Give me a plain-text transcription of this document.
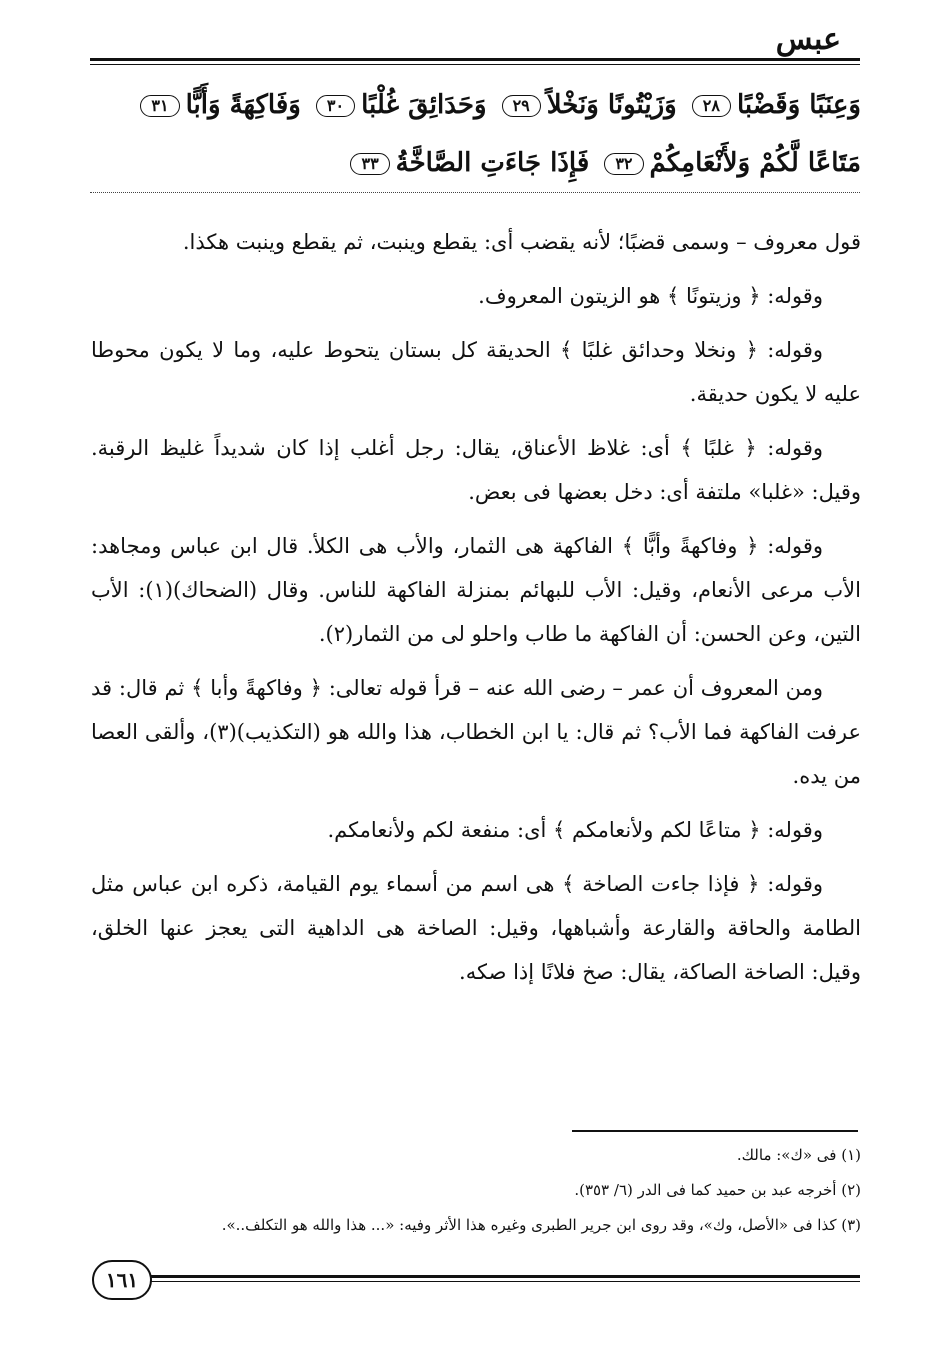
عبس
وَعِنَبًا وَقَضْبًا٢٨ وَزَيْتُونًا وَنَخْلاً٢٩ وَحَدَائِقَ غُلْبًا٣٠ وَفَاكِهَةً وَأَبًّا٣١
مَتَاعًا لَّكُمْ وَلأَنْعَامِكُمْ٣٢ فَإِذَا جَاءَتِ الصَّاخَّةُ٣٣

قول معروف – وسمى قضبًا؛ لأنه يقضب أى: يقطع وينبت، ثم يقطع وينبت هكذا.

وقوله: ﴿ وزيتونًا ﴾ هو الزيتون المعروف.

وقوله: ﴿ ونخلا وحدائق غلبًا ﴾ الحديقة كل بستان يتحوط عليه، وما لا يكون محوطا عليه لا يكون حديقة.

وقوله: ﴿ غلبًا ﴾ أى: غلاظ الأعناق، يقال: رجل أغلب إذا كان شديداً غليظ الرقبة. وقيل: «غلبا» ملتفة أى: دخل بعضها فى بعض.

وقوله: ﴿ وفاكهةً وأبًّا ﴾ الفاكهة هى الثمار، والأب هى الكلأ. قال ابن عباس ومجاهد: الأب مرعى الأنعام، وقيل: الأب للبهائم بمنزلة الفاكهة للناس. وقال (الضحاك)(١): الأب التين، وعن الحسن: أن الفاكهة ما طاب واحلو لى من الثمار(٢).

ومن المعروف أن عمر – رضى الله عنه – قرأ قوله تعالى: ﴿ وفاكهةً وأبا ﴾ ثم قال: قد عرفت الفاكهة فما الأب؟ ثم قال: يا ابن الخطاب، هذا والله هو (التكذيب)(٣)، وألقى العصا من يده.

وقوله: ﴿ متاعًا لكم ولأنعامكم ﴾ أى: منفعة لكم ولأنعامكم.

وقوله: ﴿ فإذا جاءت الصاخة ﴾ هى اسم من أسماء يوم القيامة، ذكره ابن عباس مثل الطامة والحاقة والقارعة وأشباهها، وقيل: الصاخة هى الداهية التى يعجز عنها الخلق، وقيل: الصاخة الصاكة، يقال: صخ فلانًا إذا صكه.

(١) فى «ك»: مالك.
(٢) أخرجه عبد بن حميد كما فى الدر (٦/ ٣٥٣).
(٣) كذا فى «الأصل، وك»، وقد روى ابن جرير الطبرى وغيره هذا الأثر وفيه: «... هذا والله هو التكلف..».
١٦١
